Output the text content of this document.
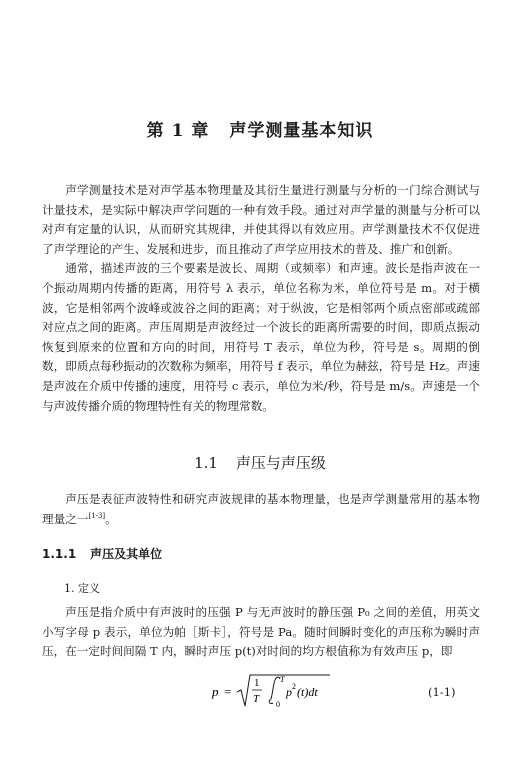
第 1 章 声学测量基本知识

声学测量技术是对声学基本物理量及其衍生量进行测量与分析的一门综合测试与计量技术，是实际中解决声学问题的一种有效手段。通过对声学量的测量与分析可以对声有定量的认识，从而研究其规律，并使其得以有效应用。声学测量技术不仅促进了声学理论的产生、发展和进步，而且推动了声学应用技术的普及、推广和创新。

通常，描述声波的三个要素是波长、周期（或频率）和声速。波长是指声波在一个振动周期内传播的距离，用符号 λ 表示，单位名称为米，单位符号是 m。对于横波，它是相邻两个波峰或波谷之间的距离；对于纵波，它是相邻两个质点密部或疏部对应点之间的距离。声压周期是声波经过一个波长的距离所需要的时间，即质点振动恢复到原来的位置和方向的时间，用符号 T 表示，单位为秒，符号是 s。周期的倒数，即质点每秒振动的次数称为频率，用符号 f 表示，单位为赫兹，符号是 Hz。声速是声波在介质中传播的速度，用符号 c 表示，单位为米/秒，符号是 m/s。声速是一个与声波传播介质的物理特性有关的物理常数。

1.1 声压与声压级

声压是表征声波特性和研究声波规律的基本物理量，也是声学测量常用的基本物理量之一[1-3]。

1.1.1 声压及其单位
1. 定义

声压是指介质中有声波时的压强 P 与无声波时的静压强 P₀ 之间的差值，用英文小写字母 p 表示，单位为帕［斯卡］，符号是 Pa。随时间瞬时变化的声压称为瞬时声压，在一定时间间隔 T 内，瞬时声压 p(t)对时间的均方根值称为有效声压 p，即

p =
1
T
T
0
p 2 (t)dt	(1-1)
